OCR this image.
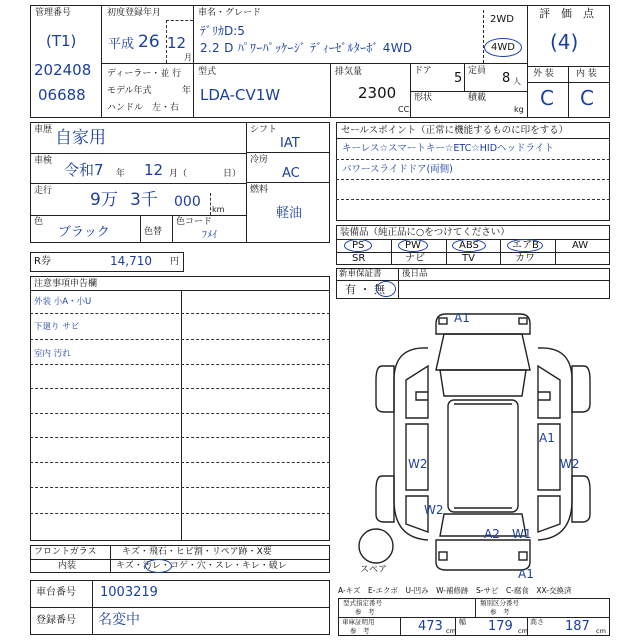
管理番号
(T1)
202408
06688
初度登録年月
平成 26 12
月
ディーラー・並 行
モデル年式	年
ハンドル　左・右
車名・グレード
ﾃﾞﾘｶD:5
2.2 D ﾊﾟﾜｰﾊﾟｯｹｰｼﾞ ﾃﾞｨｰｾﾞﾙﾀｰﾎﾞ 4WD
2WD
4WD
型式
LDA-CV1W
排気量
2300
CC
ドア 5 定員 8 人
形状	積載
kg
評　価　点
(4)
外 装 内 装
C C
車歴 自家用
車検 令和7 年 12 月（	日）
走行 9万 3千 000 km
色
ブラック	色替
色コード
ﾌﾒｲ
シフト
IAT
冷房
AC
燃料
軽油
R券	14,710 円
セールスポイント（正常に機能するものに印をする）
キーレス☆スマートキー☆ETC☆HIDヘッドライト
パワースライドドア(両側)
装備品（純正品に○をつけてください）
PS	PW	ABS	エアB	AW
SR	ナビ	TV	カワ
新車保証書
有 ・ 無
後日品
注意事項申告欄
外装 小A・小U
下廻り サビ
室内 汚れ
フロントガラス	キズ・飛石・ヒビ割・リペア跡・X要
内装	キズ・汚レ・コゲ・穴・スレ・キレ・破レ
車台番号 1003219
登録番号 名変中
A-キズ　E-エクボ　U-凹み　W-補修跡　S-サビ　C-腐食　XX-交換済
型式指定番号
参　考
類別区分番号
参　考
車庫証明用
参　考	473 cm
幅 179 cm
高さ 187 cm
A1
A1
W2	W2
W2
A2 W1
A1
スペア
